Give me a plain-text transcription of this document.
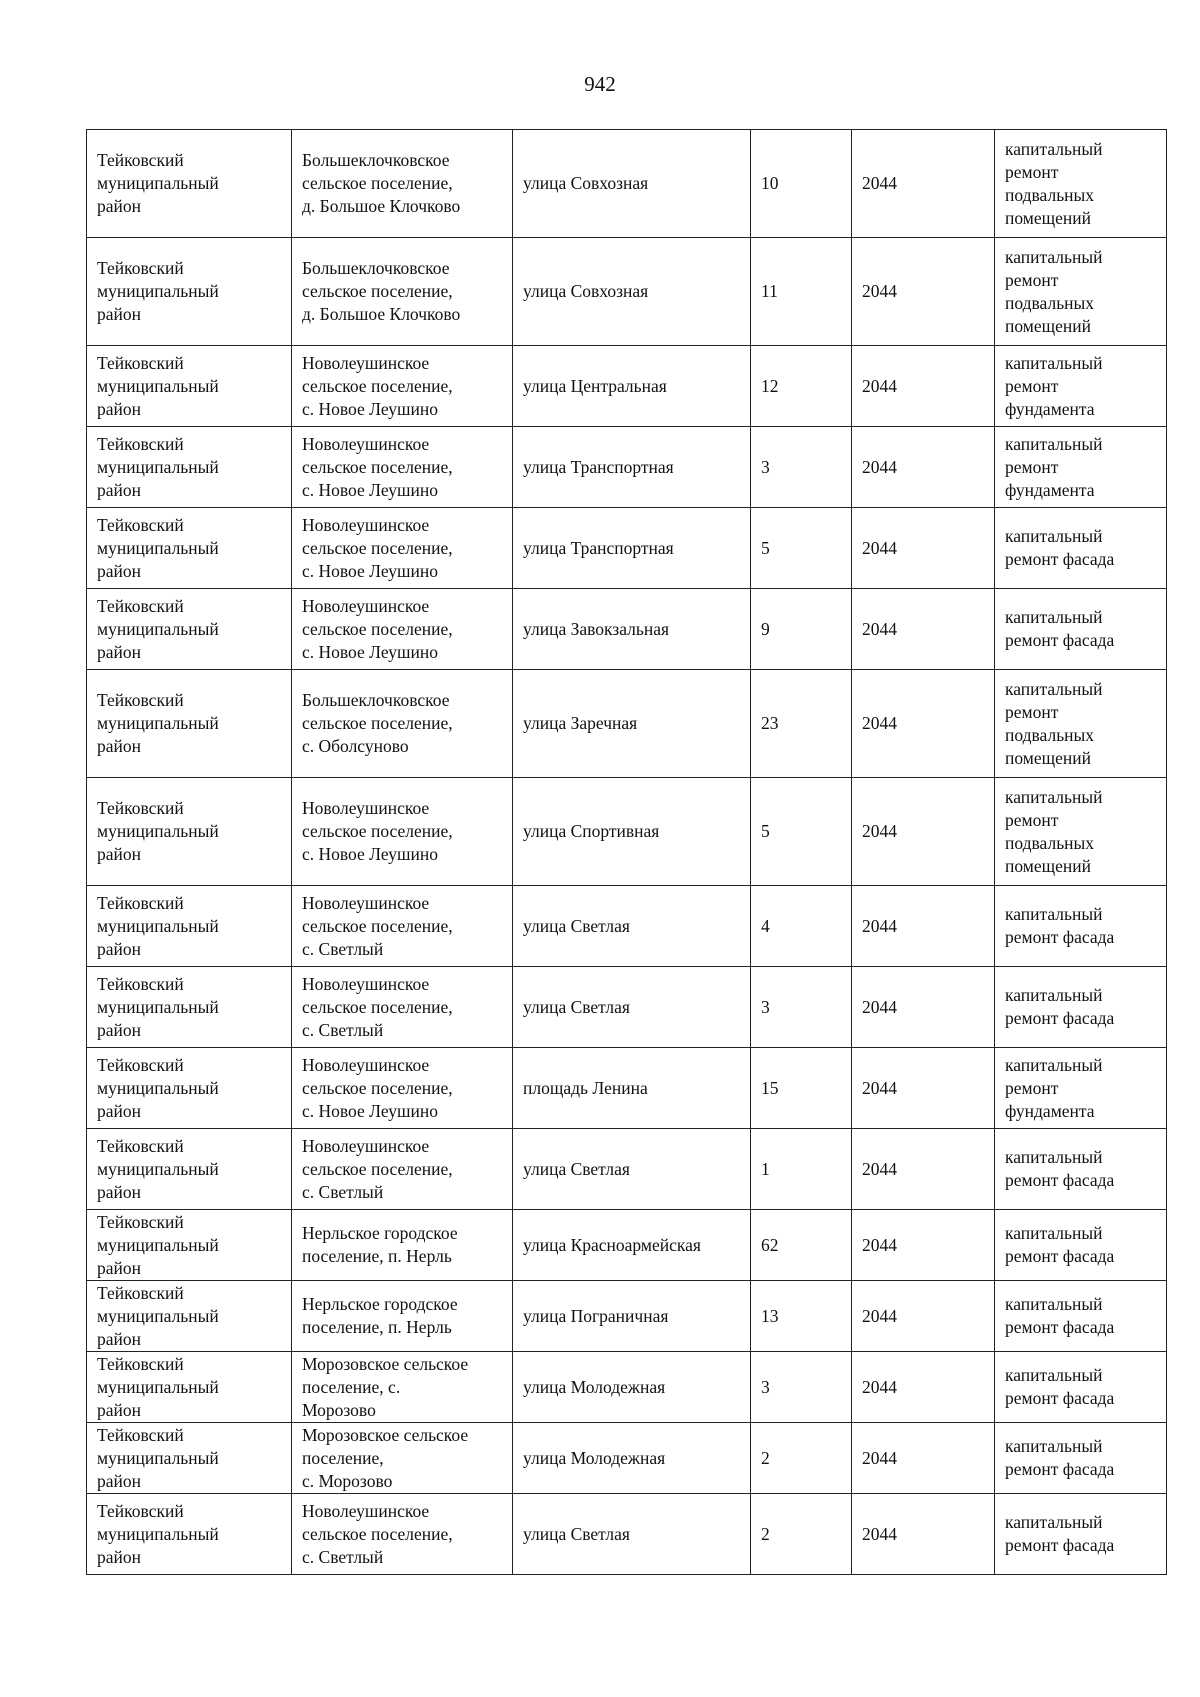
942
Тейковский
муниципальный
район	Большеклочковское
сельское поселение,
д. Большое Клочково	улица Совхозная	10	2044	капитальный
ремонт
подвальных
помещений
Тейковский
муниципальный
район	Большеклочковское
сельское поселение,
д. Большое Клочково	улица Совхозная	11	2044	капитальный
ремонт
подвальных
помещений
Тейковский
муниципальный
район	Новолеушинское
сельское поселение,
с. Новое Леушино	улица Центральная	12	2044	капитальный
ремонт
фундамента
Тейковский
муниципальный
район	Новолеушинское
сельское поселение,
с. Новое Леушино	улица Транспортная	3	2044	капитальный
ремонт
фундамента
Тейковский
муниципальный
район	Новолеушинское
сельское поселение,
с. Новое Леушино	улица Транспортная	5	2044	капитальный
ремонт фасада
Тейковский
муниципальный
район	Новолеушинское
сельское поселение,
с. Новое Леушино	улица Завокзальная	9	2044	капитальный
ремонт фасада
Тейковский
муниципальный
район	Большеклочковское
сельское поселение,
с. Оболсуново	улица Заречная	23	2044	капитальный
ремонт
подвальных
помещений
Тейковский
муниципальный
район	Новолеушинское
сельское поселение,
с. Новое Леушино	улица Спортивная	5	2044	капитальный
ремонт
подвальных
помещений
Тейковский
муниципальный
район	Новолеушинское
сельское поселение,
с. Светлый	улица Светлая	4	2044	капитальный
ремонт фасада
Тейковский
муниципальный
район	Новолеушинское
сельское поселение,
с. Светлый	улица Светлая	3	2044	капитальный
ремонт фасада
Тейковский
муниципальный
район	Новолеушинское
сельское поселение,
с. Новое Леушино	площадь Ленина	15	2044	капитальный
ремонт
фундамента
Тейковский
муниципальный
район	Новолеушинское
сельское поселение,
с. Светлый	улица Светлая	1	2044	капитальный
ремонт фасада
Тейковский
муниципальный
район	Нерльское городское
поселение, п. Нерль	улица Красноармейская	62	2044	капитальный
ремонт фасада
Тейковский
муниципальный
район	Нерльское городское
поселение, п. Нерль	улица Пограничная	13	2044	капитальный
ремонт фасада
Тейковский
муниципальный
район	Морозовское сельское
поселение, с.
Морозово	улица Молодежная	3	2044	капитальный
ремонт фасада
Тейковский
муниципальный
район	Морозовское сельское
поселение,
с. Морозово	улица Молодежная	2	2044	капитальный
ремонт фасада
Тейковский
муниципальный
район	Новолеушинское
сельское поселение,
с. Светлый	улица Светлая	2	2044	капитальный
ремонт фасада
